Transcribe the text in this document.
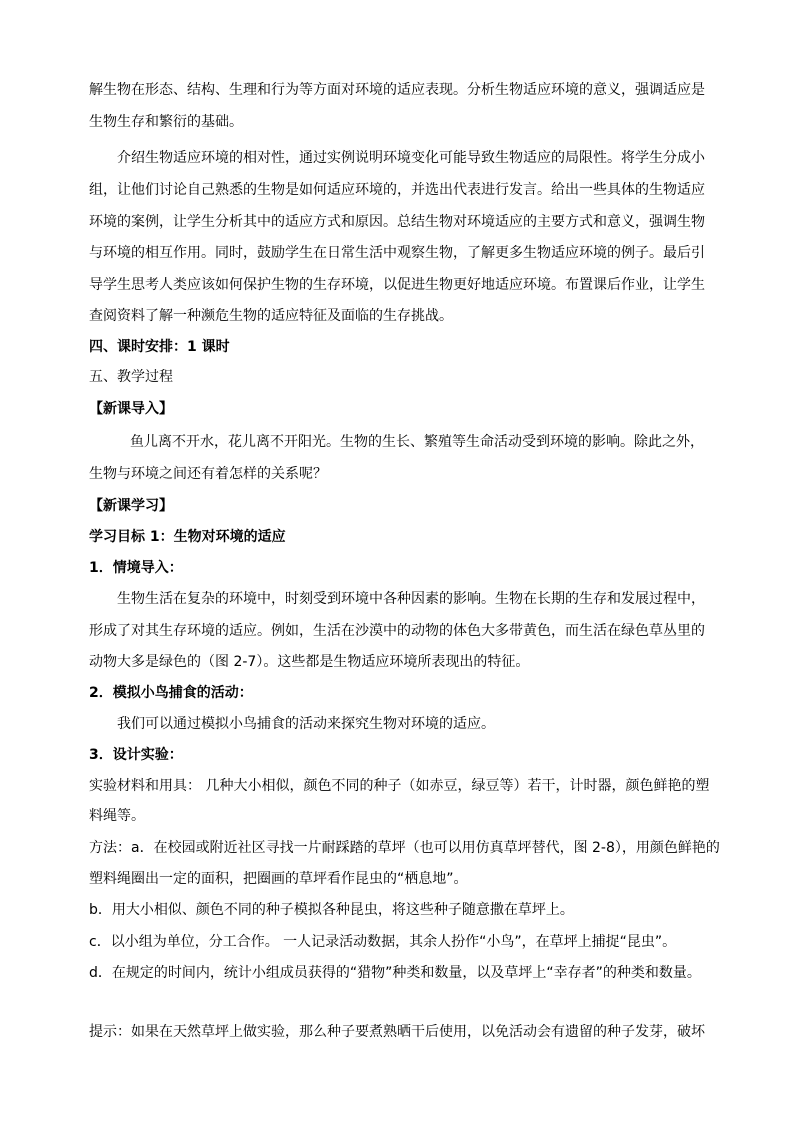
解生物在形态、结构、生理和行为等方面对环境的适应表现。分析生物适应环境的意义，强调适应是
生物生存和繁衍的基础。
介绍生物适应环境的相对性，通过实例说明环境变化可能导致生物适应的局限性。将学生分成小
组，让他们讨论自己熟悉的生物是如何适应环境的，并选出代表进行发言。给出一些具体的生物适应
环境的案例，让学生分析其中的适应方式和原因。总结生物对环境适应的主要方式和意义，强调生物
与环境的相互作用。同时，鼓励学生在日常生活中观察生物，了解更多生物适应环境的例子。最后引
导学生思考人类应该如何保护生物的生存环境，以促进生物更好地适应环境。布置课后作业，让学生
查阅资料了解一种濒危生物的适应特征及面临的生存挑战。
四、课时安排：1 课时
五、教学过程
【新课导入】
鱼儿离不开水，花儿离不开阳光。生物的生长、繁殖等生命活动受到环境的影响。除此之外，
生物与环境之间还有着怎样的关系呢？
【新课学习】
学习目标 1：生物对环境的适应
1．情境导入：
生物生活在复杂的环境中，时刻受到环境中各种因素的影响。生物在长期的生存和发展过程中，
形成了对其生存环境的适应。例如，生活在沙漠中的动物的体色大多带黄色，而生活在绿色草丛里的
动物大多是绿色的（图 2-7）。这些都是生物适应环境所表现出的特征。
2．模拟小鸟捕食的活动：
我们可以通过模拟小鸟捕食的活动来探究生物对环境的适应。
3．设计实验：
实验材料和用具： 几种大小相似，颜色不同的种子（如赤豆，绿豆等）若干，计时器，颜色鲜艳的塑
料绳等。
方法：a．在校园或附近社区寻找一片耐踩踏的草坪（也可以用仿真草坪替代，图 2-8），用颜色鲜艳的
塑料绳圈出一定的面积，把圈画的草坪看作昆虫的“栖息地”。
b．用大小相似、颜色不同的种子模拟各种昆虫，将这些种子随意撒在草坪上。
c．以小组为单位，分工合作。 一人记录活动数据，其余人扮作“小鸟”，在草坪上捕捉“昆虫”。
d．在规定的时间内，统计小组成员获得的“猎物”种类和数量，以及草坪上“幸存者”的种类和数量。
提示：如果在天然草坪上做实验，那么种子要煮熟晒干后使用，以免活动会有遗留的种子发芽，破坏
